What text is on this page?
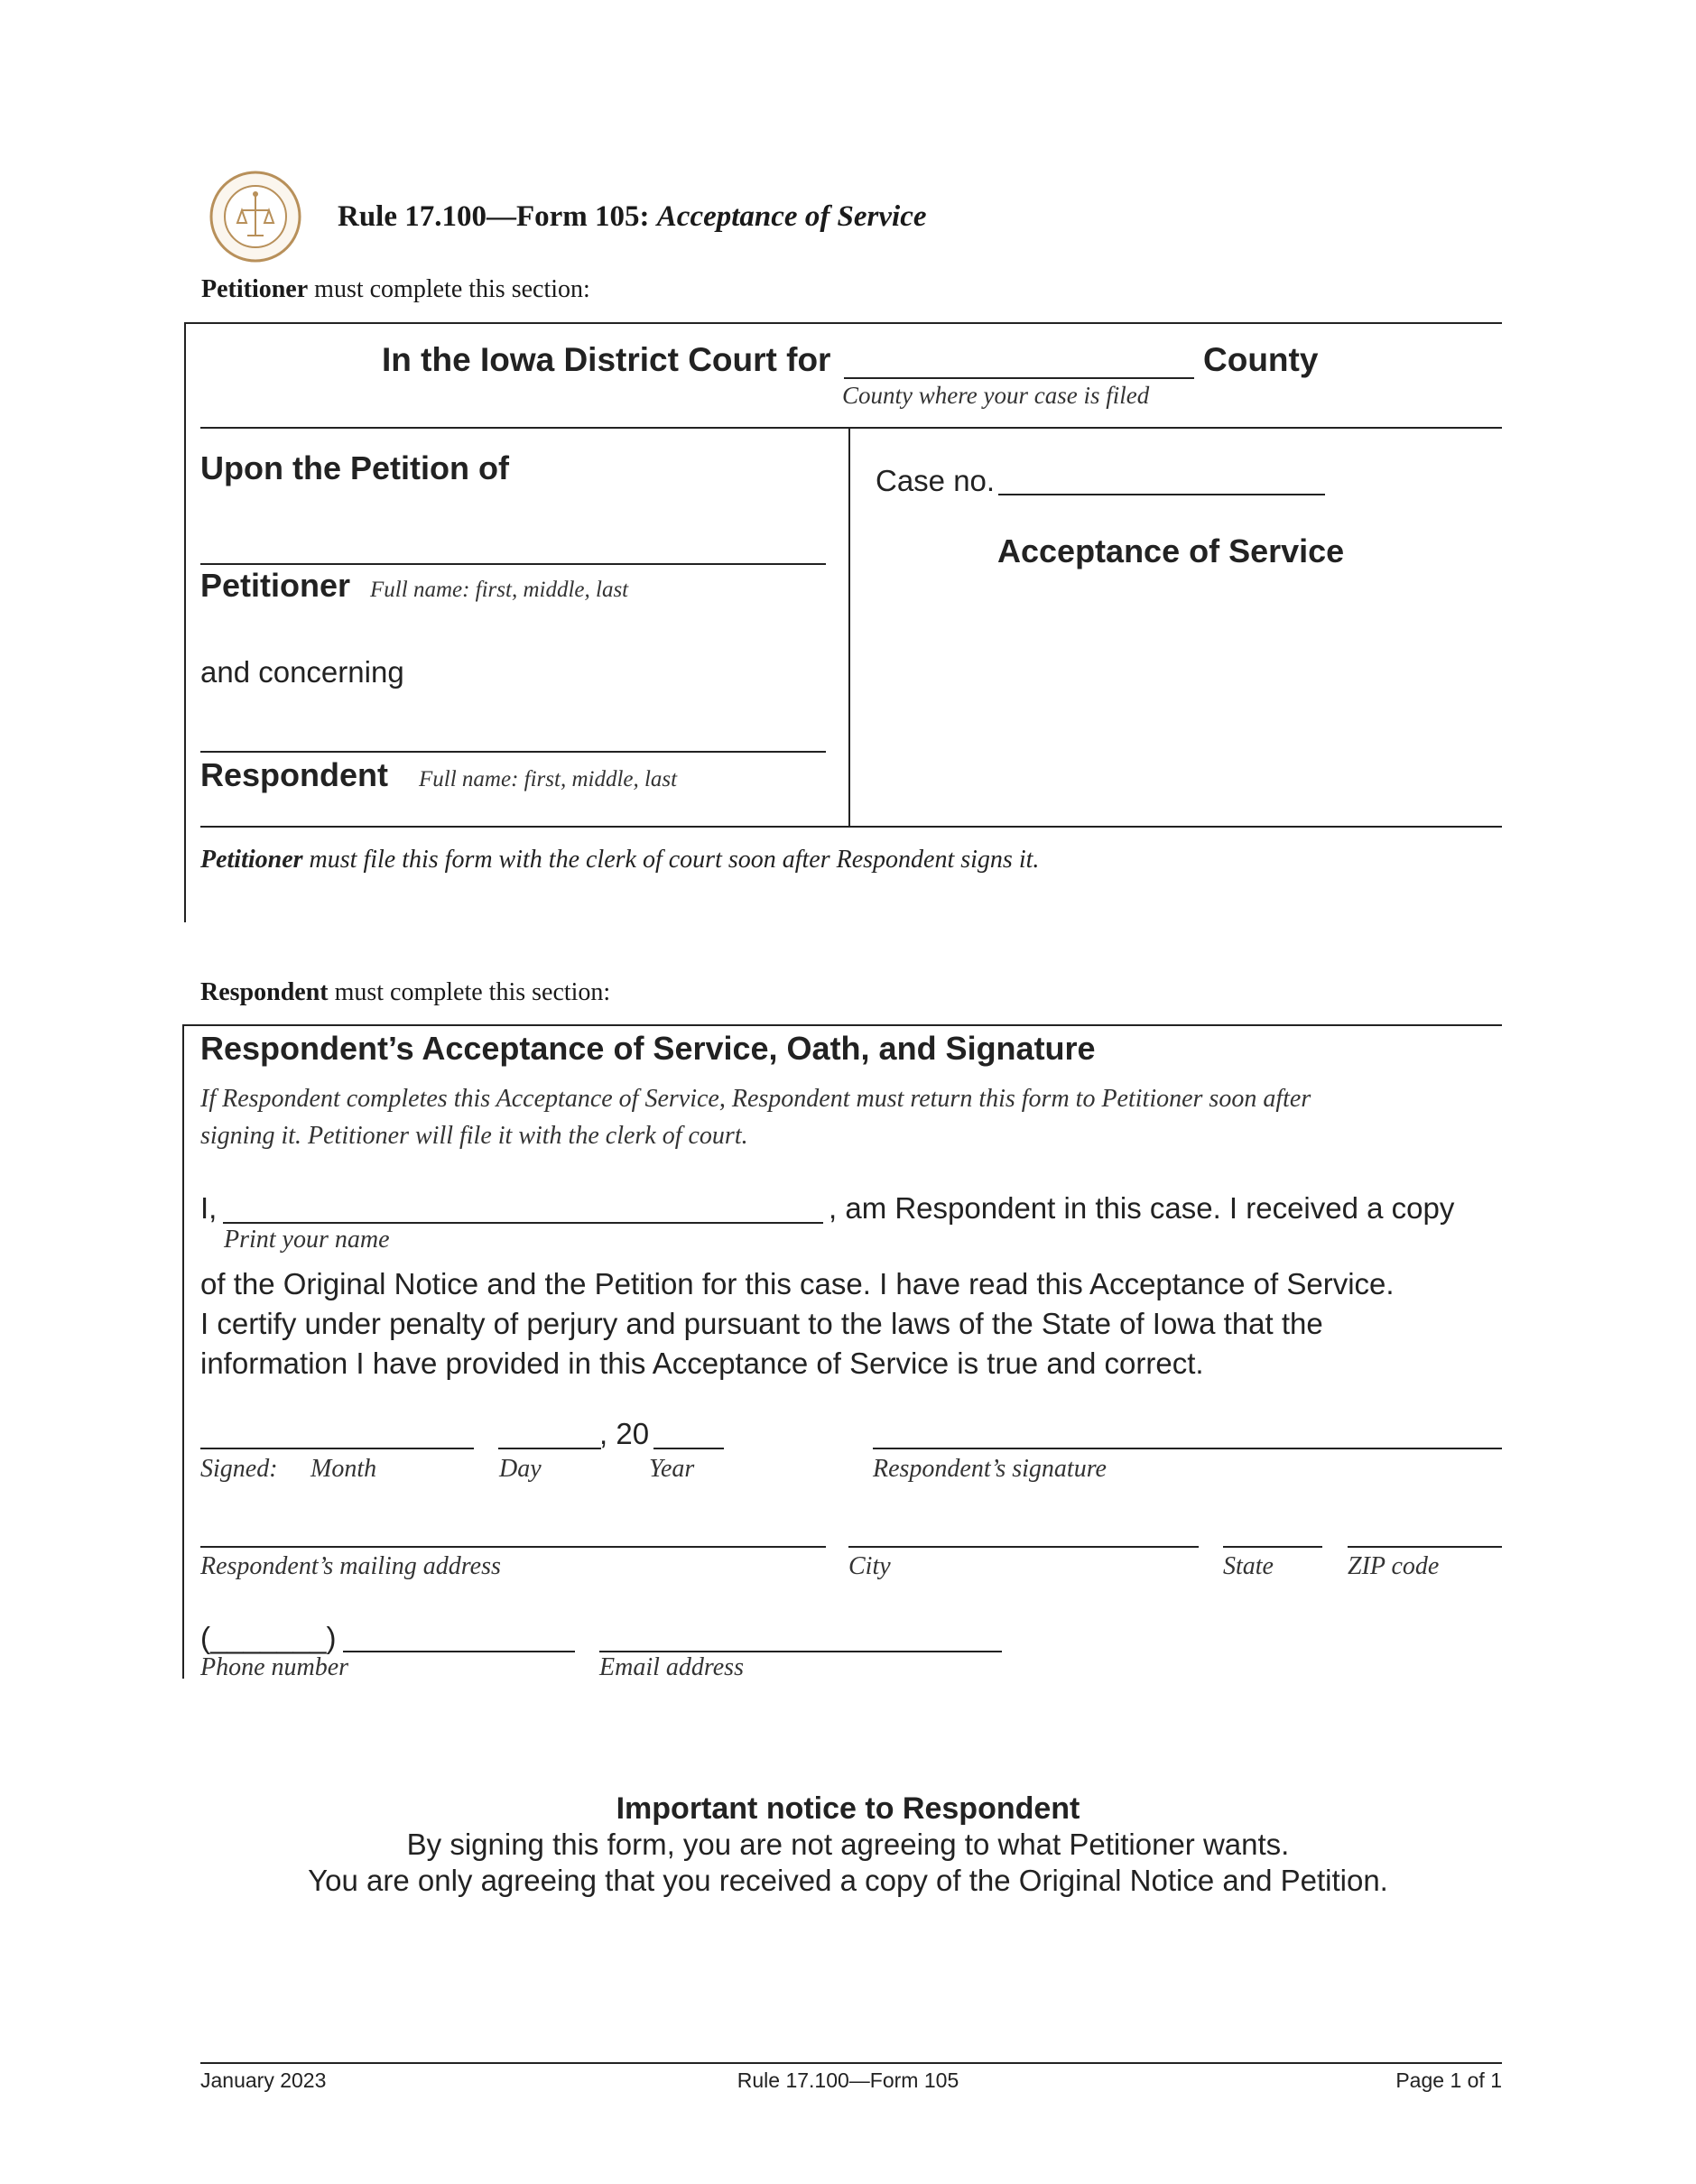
Rule 17.100—Form 105: Acceptance of Service
Petitioner must complete this section:
In the Iowa District Court for	County
County where your case is filed
Upon the Petition of
Petitioner Full name: first, middle, last
and concerning
Respondent Full name: first, middle, last
Case no.
Acceptance of Service
Petitioner must file this form with the clerk of court soon after Respondent signs it.
Respondent must complete this section:
Respondent’s Acceptance of Service, Oath, and Signature
If Respondent completes this Acceptance of Service, Respondent must return this form to Petitioner soon after
signing it. Petitioner will file it with the clerk of court.
I,	, am Respondent in this case. I received a copy
Print your name
of the Original Notice and the Petition for this case. I have read this Acceptance of Service.
I certify under penalty of perjury and pursuant to the laws of the State of Iowa that the
information I have provided in this Acceptance of Service is true and correct.
, 20
Signed: Month	Day	Year	Respondent’s signature
Respondent’s mailing address	City	State	ZIP code
(_______)
Phone number	Email address
Important notice to Respondent
By signing this form, you are not agreeing to what Petitioner wants.
You are only agreeing that you received a copy of the Original Notice and Petition.
January 2023	Rule 17.100—Form 105	Page 1 of 1
